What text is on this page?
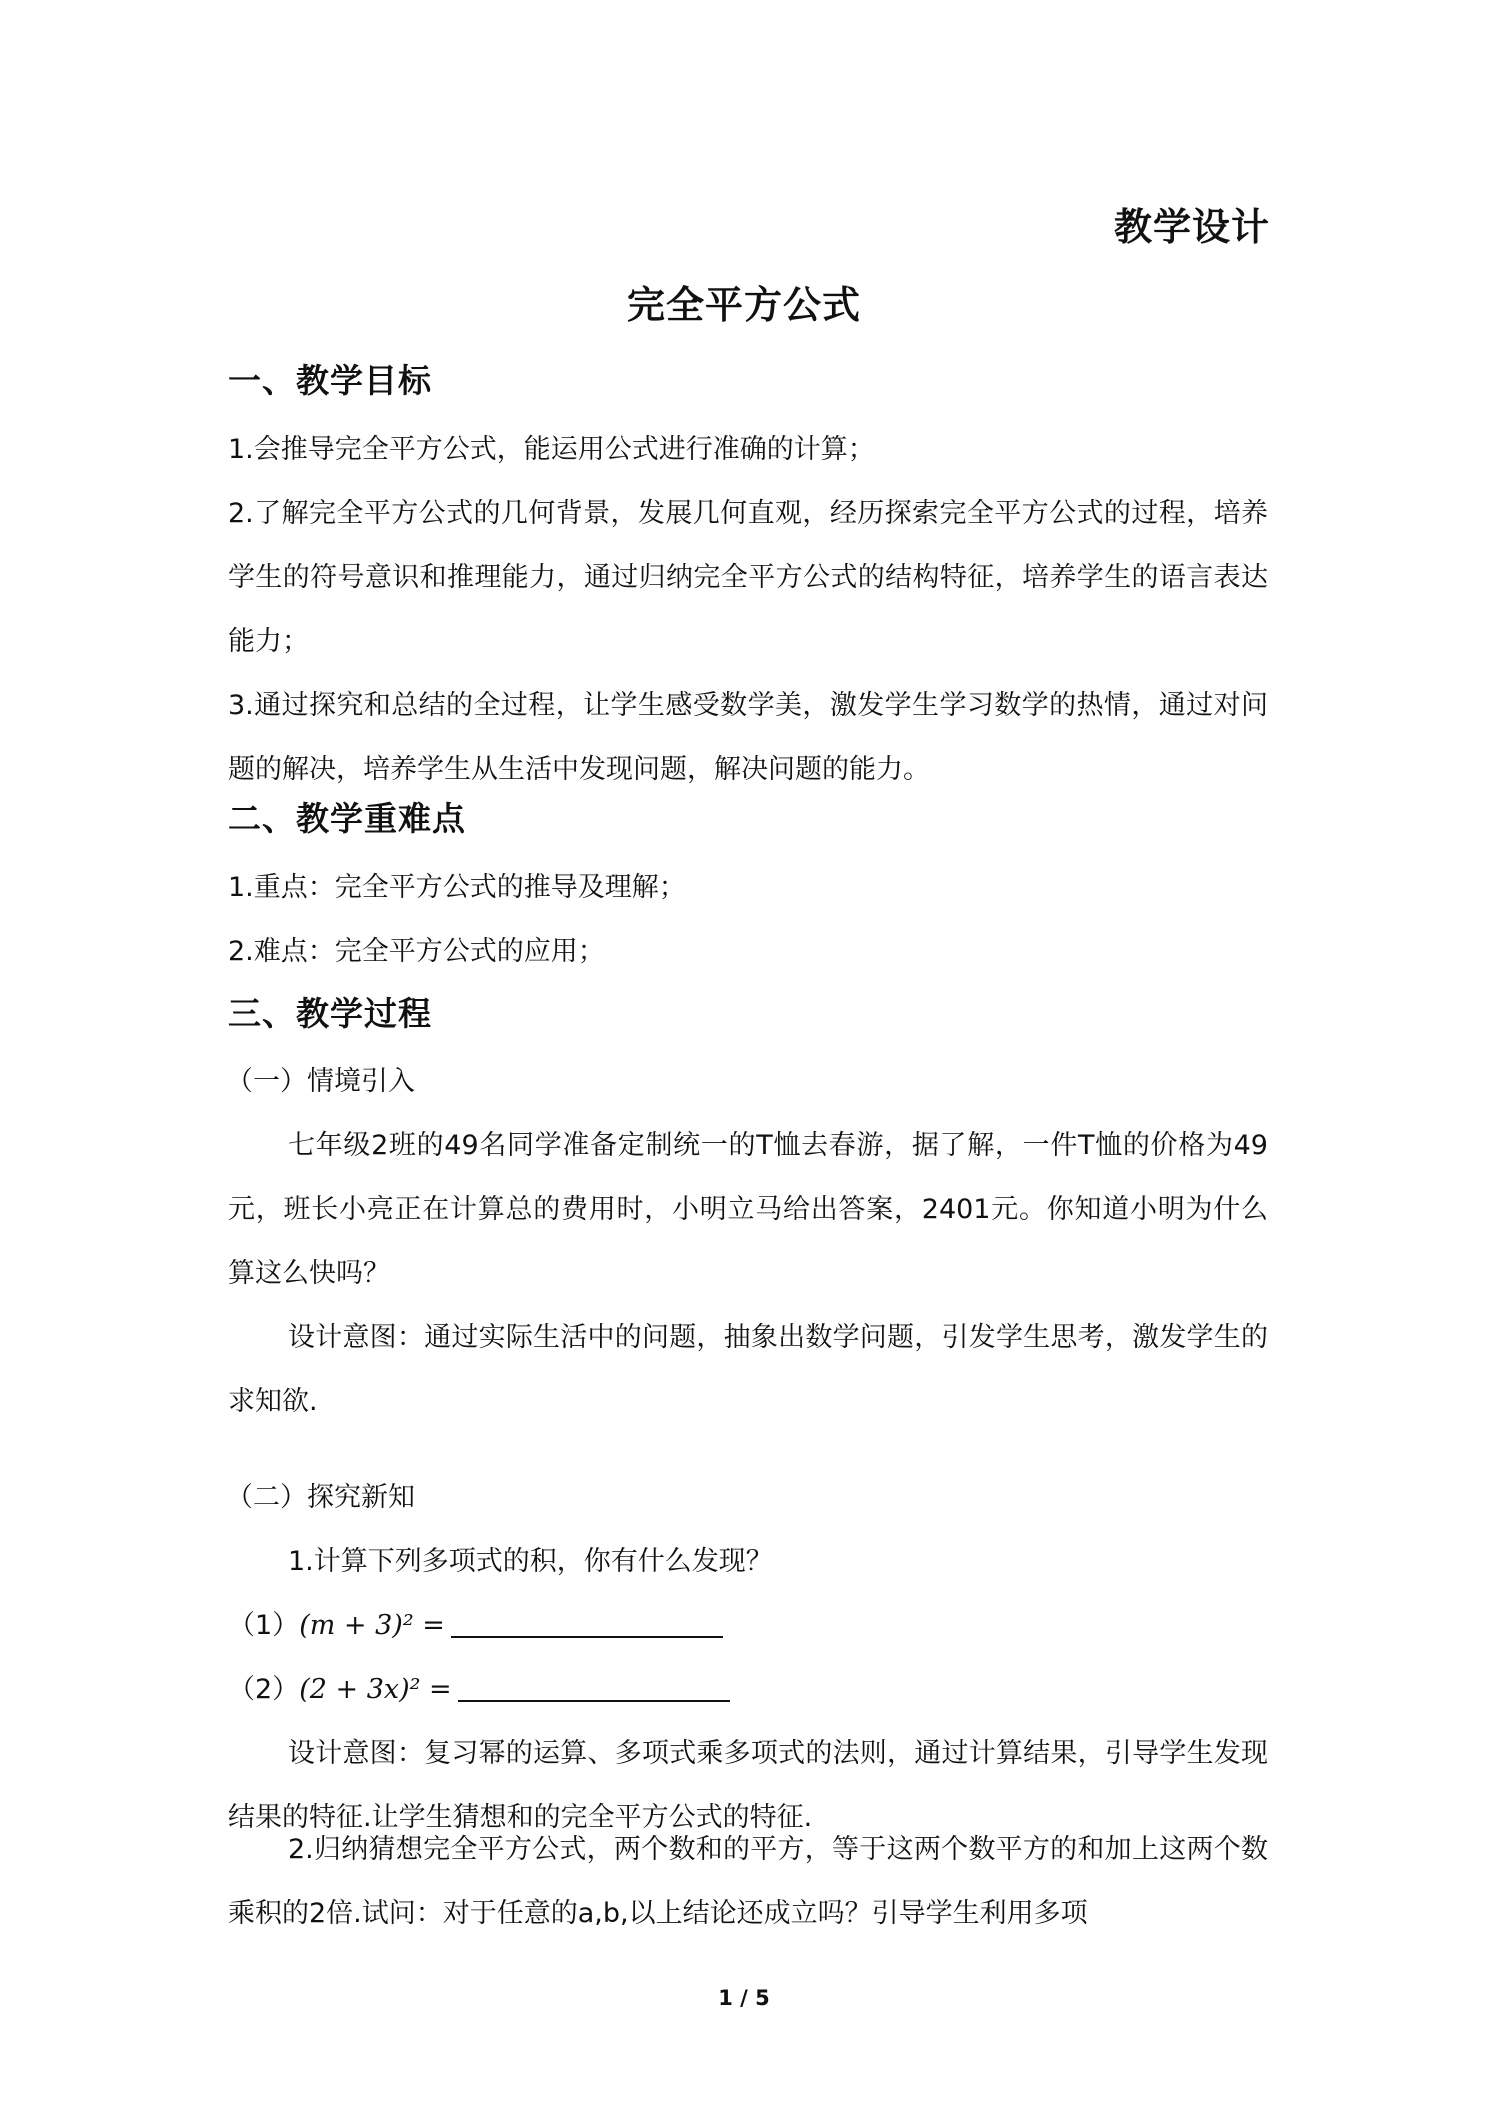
教学设计
完全平方公式
一、教学目标
1.会推导完全平方公式，能运用公式进行准确的计算；
2.了解完全平方公式的几何背景，发展几何直观，经历探索完全平方公式的过程，培养学生的符号意识和推理能力，通过归纳完全平方公式的结构特征，培养学生的语言表达能力；
3.通过探究和总结的全过程，让学生感受数学美，激发学生学习数学的热情，通过对问题的解决，培养学生从生活中发现问题，解决问题的能力。
二、教学重难点
1.重点：完全平方公式的推导及理解；
2.难点：完全平方公式的应用；
三、教学过程
（一）情境引入
七年级2班的49名同学准备定制统一的T恤去春游，据了解，一件T恤的价格为49元，班长小亮正在计算总的费用时，小明立马给出答案，2401元。你知道小明为什么算这么快吗？
设计意图：通过实际生活中的问题，抽象出数学问题，引发学生思考，激发学生的求知欲.
（二）探究新知
1.计算下列多项式的积，你有什么发现？
（1）(m + 3)² =
（2）(2 + 3x)² =
设计意图：复习幂的运算、多项式乘多项式的法则，通过计算结果，引导学生发现结果的特征.让学生猜想和的完全平方公式的特征.
2.归纳猜想完全平方公式，两个数和的平方，等于这两个数平方的和加上这两个数乘积的2倍.试问：对于任意的a,b,以上结论还成立吗？引导学生利用多项
1 / 5
